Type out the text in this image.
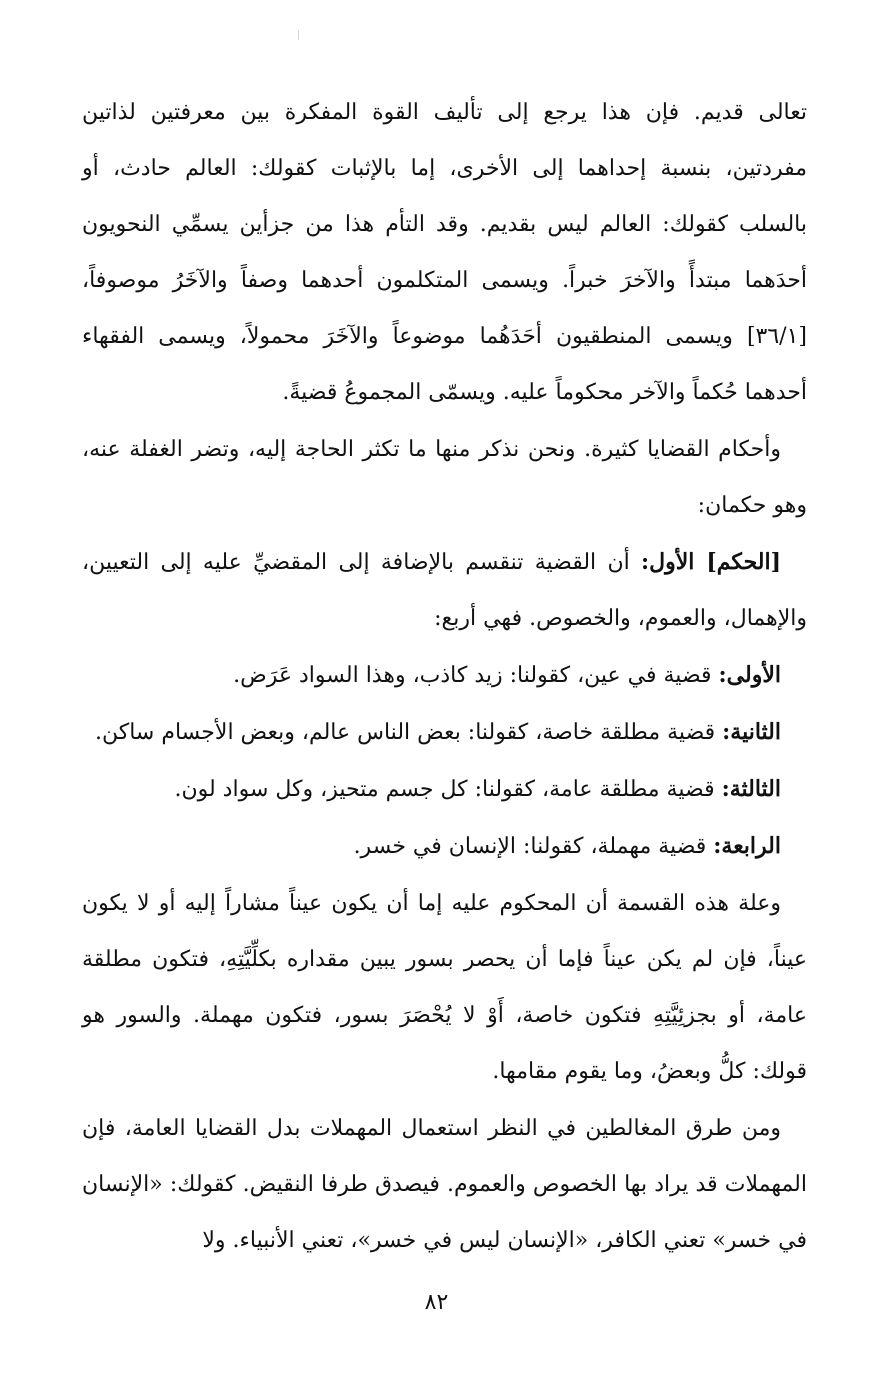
تعالى قديم. فإن هذا يرجع إلى تأليف القوة المفكرة بين معرفتين لذاتين مفردتين، بنسبة إحداهما إلى الأخرى، إما بالإثبات كقولك: العالم حادث، أو بالسلب كقولك: العالم ليس بقديم. وقد التأم هذا من جزأين يسمِّي النحويون أحدَهما مبتدأً والآخرَ خبراً. ويسمى المتكلمون أحدهما وصفاً والآخَرُ موصوفاً، [٣٦/١] ويسمى المنطقيون أحَدَهُما موضوعاً والآخَرَ محمولاً، ويسمى الفقهاء أحدهما حُكماً والآخر محكوماً عليه. ويسمّى المجموعُ قضيةً.

وأحكام القضايا كثيرة. ونحن نذكر منها ما تكثر الحاجة إليه، وتضر الغفلة عنه، وهو حكمان:

[الحكم] الأول: أن القضية تنقسم بالإضافة إلى المقضيِّ عليه إلى التعيين، والإهمال، والعموم، والخصوص. فهي أربع:

الأولى: قضية في عين، كقولنا: زيد كاذب، وهذا السواد عَرَض.

الثانية: قضية مطلقة خاصة، كقولنا: بعض الناس عالم، وبعض الأجسام ساكن.

الثالثة: قضية مطلقة عامة، كقولنا: كل جسم متحيز، وكل سواد لون.

الرابعة: قضية مهملة، كقولنا: الإنسان في خسر.

وعلة هذه القسمة أن المحكوم عليه إما أن يكون عيناً مشاراً إليه أو لا يكون عيناً، فإن لم يكن عيناً فإما أن يحصر بسور يبين مقداره بكلِّيَّتِهِ، فتكون مطلقة عامة، أو بجزئِيَّتِهِ فتكون خاصة، أَوْ لا يُحْصَرَ بسور، فتكون مهملة. والسور هو قولك: كلُّ وبعضُ، وما يقوم مقامها.

ومن طرق المغالطين في النظر استعمال المهملات بدل القضايا العامة، فإن المهملات قد يراد بها الخصوص والعموم. فيصدق طرفا النقيض. كقولك: «الإنسان في خسر» تعني الكافر، «الإنسان ليس في خسر»، تعني الأنبياء. ولا

٨٢
